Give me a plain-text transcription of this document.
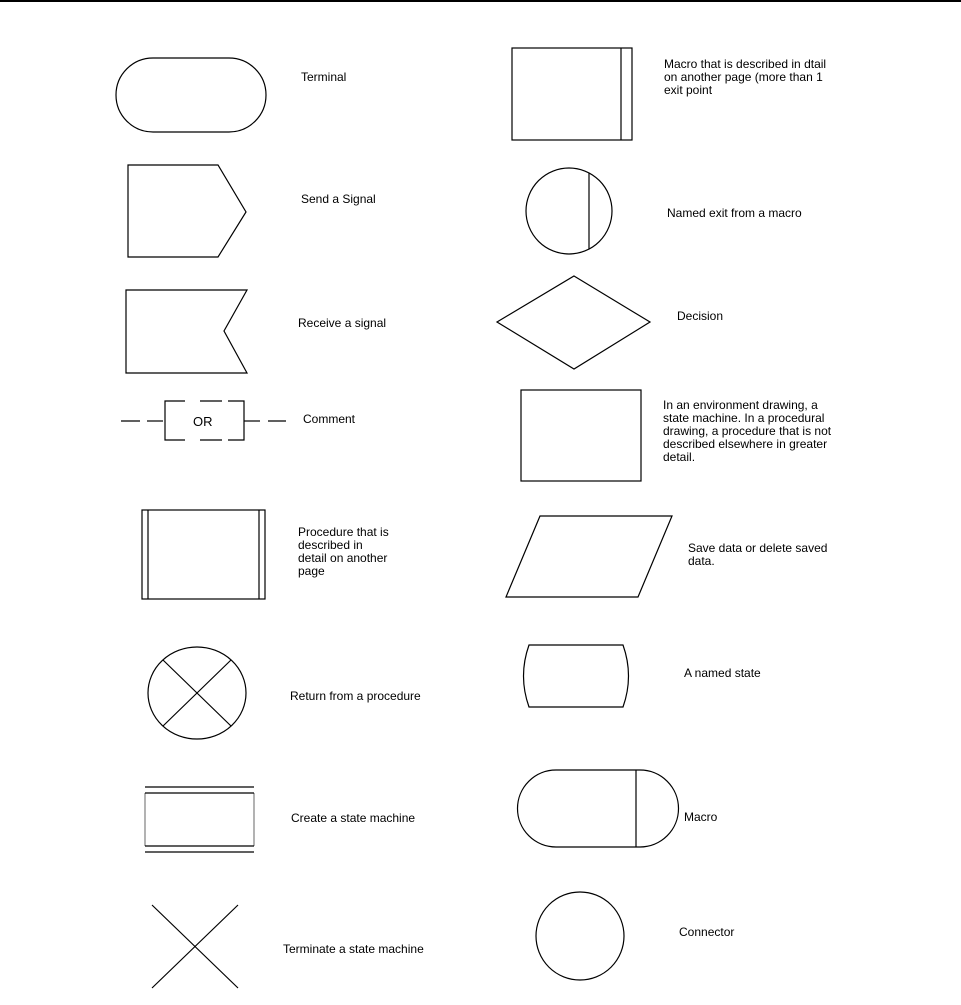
OR
Terminal
Send a Signal
Receive a signal
Comment
Procedure that is
described in
detail on another
page
Return from a procedure
Create a state machine
Terminate a state machine
Macro that is described in dtail
on another page (more than 1
exit point
Named exit from a macro
Decision
In an environment drawing, a
state machine. In a procedural
drawing, a procedure that is not
described elsewhere in greater
detail.
Save data or delete saved
data.
A named state
Macro
Connector
